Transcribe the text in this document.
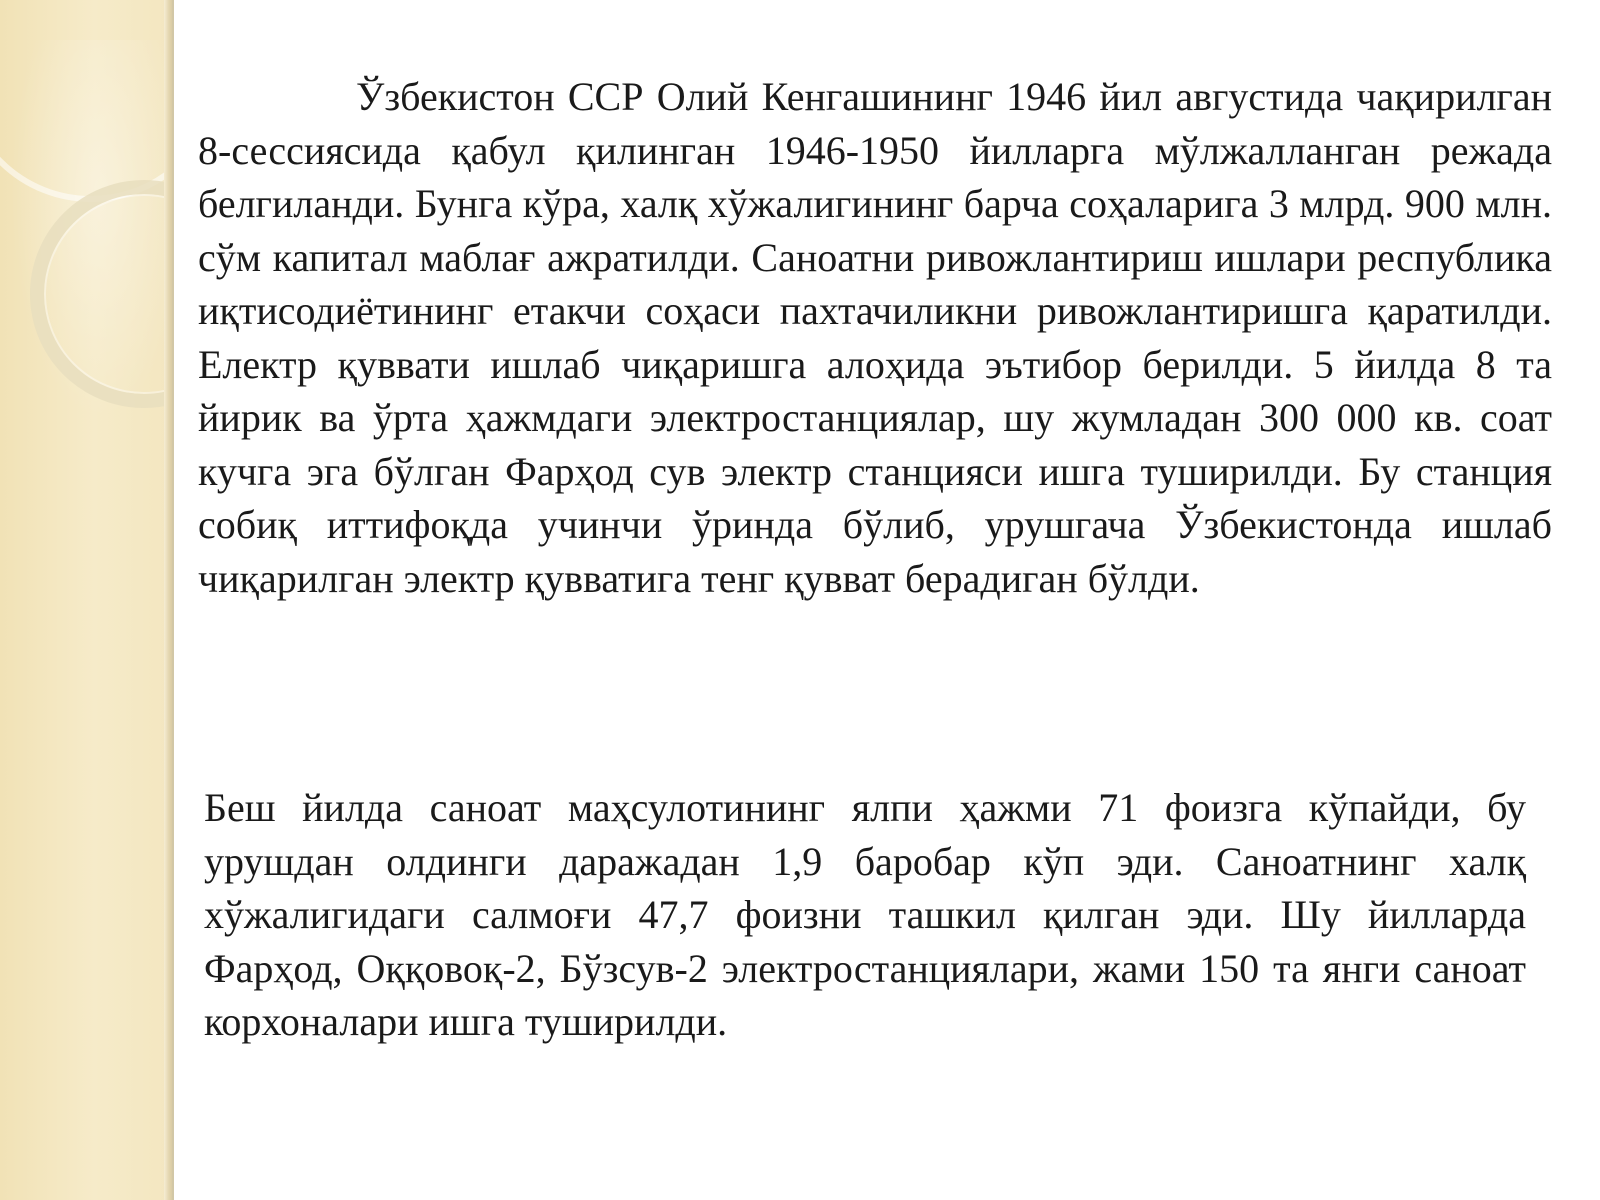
Ўзбекистон ССР Олий Кенгашининг 1946 йил августида чақирилган 8-сессиясида қабул қилинган 1946-1950 йилларга мўлжалланган режада белгиланди. Бунга кўра, халқ хўжалигининг барча соҳаларига 3 млрд. 900 млн. сўм капитал маблағ ажратилди. Саноатни ривожлантириш ишлари республика иқтисодиётининг етакчи соҳаси пахтачиликни ривожлантиришга қаратилди. Електр қуввати ишлаб чиқаришга алоҳида эътибор берилди. 5 йилда 8 та йирик ва ўрта ҳажмдаги электростанциялар, шу жумладан 300 000 кв. соат кучга эга бўлган Фарҳод сув электр станцияси ишга туширилди. Бу станция собиқ иттифоқда учинчи ўринда бўлиб, урушгача Ўзбекистонда ишлаб чиқарилган электр қувватига тенг қувват берадиган бўлди.

Беш йилда саноат маҳсулотининг ялпи ҳажми 71 фоизга кўпайди, бу урушдан олдинги даражадан 1,9 баробар кўп эди. Саноатнинг халқ хўжалигидаги салмоғи 47,7 фоизни ташкил қилган эди. Шу йилларда Фарҳод, Оққовоқ-2, Бўзсув-2 электростанциялари, жами 150 та янги саноат корхоналари ишга туширилди.
